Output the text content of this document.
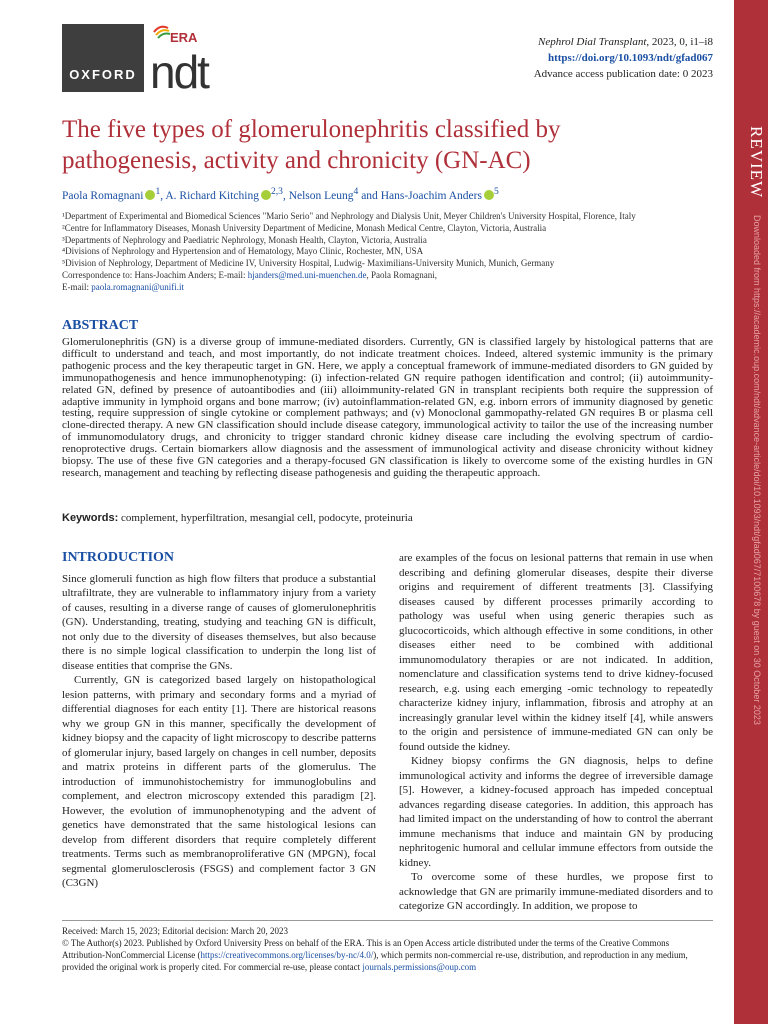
REVIEW
Downloaded from https://academic.oup.com/ndt/advance-article/doi/10.1093/ndt/gfad067/7100678 by guest on 30 October 2023
OXFORD
ERA
ndt
Nephrol Dial Transplant, 2023, 0, i1–i8
https://doi.org/10.1093/ndt/gfad067
Advance access publication date: 0 2023
The five types of glomerulonephritis classified by pathogenesis, activity and chronicity (GN-AC)
Paola Romagnani $^1$, A. Richard Kitching $^{2,3}$, Nelson Leung$^4$ and Hans-Joachim Anders $^5$
¹Department of Experimental and Biomedical Sciences "Mario Serio" and Nephrology and Dialysis Unit, Meyer Children's University Hospital, Florence, Italy
²Centre for Inflammatory Diseases, Monash University Department of Medicine, Monash Medical Centre, Clayton, Victoria, Australia
³Departments of Nephrology and Paediatric Nephrology, Monash Health, Clayton, Victoria, Australia
⁴Divisions of Nephrology and Hypertension and of Hematology, Mayo Clinic, Rochester, MN, USA
⁵Division of Nephrology, Department of Medicine IV, University Hospital, Ludwig- Maximilians-University Munich, Munich, Germany
Correspondence to: Hans-Joachim Anders; E-mail: hjanders@med.uni-muenchen.de, Paola Romagnani,
E-mail: paola.romagnani@unifi.it
ABSTRACT

Glomerulonephritis (GN) is a diverse group of immune-mediated disorders. Currently, GN is classified largely by histological patterns that are difficult to understand and teach, and most importantly, do not indicate treatment choices. Indeed, altered systemic immunity is the primary pathogenic process and the key therapeutic target in GN. Here, we apply a conceptual framework of immune-mediated disorders to GN guided by immunopathogenesis and hence immunophenotyping: (i) infection-related GN require pathogen identification and control; (ii) autoimmunity-related GN, defined by presence of autoantibodies and (iii) alloimmunity-related GN in transplant recipients both require the suppression of adaptive immunity in lymphoid organs and bone marrow; (iv) autoinflammation-related GN, e.g. inborn errors of immunity diagnosed by genetic testing, require suppression of single cytokine or complement pathways; and (v) Monoclonal gammopathy-related GN requires B or plasma cell clone-directed therapy. A new GN classification should include disease category, immunological activity to tailor the use of the increasing number of immunomodulatory drugs, and chronicity to trigger standard chronic kidney disease care including the evolving spectrum of cardio-renoprotective drugs. Certain biomarkers allow diagnosis and the assessment of immunological activity and disease chronicity without kidney biopsy. The use of these five GN categories and a therapy-focused GN classification is likely to overcome some of the existing hurdles in GN research, management and teaching by reflecting disease pathogenesis and guiding the therapeutic approach.

Keywords: complement, hyperfiltration, mesangial cell, podocyte, proteinuria
INTRODUCTION

Since glomeruli function as high flow filters that produce a substantial ultrafiltrate, they are vulnerable to inflammatory injury from a variety of causes, resulting in a diverse range of causes of glomerulonephritis (GN). Understanding, treating, studying and teaching GN is difficult, not only due to the diversity of diseases themselves, but also because there is no simple logical classification to underpin the long list of disease entities that comprise the GNs.

Currently, GN is categorized based largely on histopathological lesion patterns, with primary and secondary forms and a myriad of differential diagnoses for each entity [1]. There are historical reasons why we group GN in this manner, specifically the development of kidney biopsy and the capacity of light microscopy to describe patterns of glomerular injury, based largely on changes in cell number, deposits and matrix proteins in different parts of the glomerulus. The introduction of immunohistochemistry for immunoglobulins and complement, and electron microscopy extended this paradigm [2]. However, the evolution of immunophenotyping and the advent of genetics have demonstrated that the same histological lesions can develop from different disorders that require completely different treatments. Terms such as membranoproliferative GN (MPGN), focal segmental glomerulosclerosis (FSGS) and complement factor 3 GN (C3GN)

are examples of the focus on lesional patterns that remain in use when describing and defining glomerular diseases, despite their diverse origins and requirement of different treatments [3]. Classifying diseases caused by different processes primarily according to pathology was useful when using generic therapies such as glucocorticoids, which although effective in some conditions, in other diseases either need to be combined with additional immunomodulatory therapies or are not indicated. In addition, nomenclature and classification systems tend to drive kidney-focused research, e.g. using each emerging -omic technology to repeatedly characterize kidney injury, inflammation, fibrosis and atrophy at an increasingly granular level within the kidney itself [4], while answers to the origin and persistence of immune-mediated GN can only be found outside the kidney.

Kidney biopsy confirms the GN diagnosis, helps to define immunological activity and informs the degree of irreversible damage [5]. However, a kidney-focused approach has impeded conceptual advances regarding disease categories. In addition, this approach has had limited impact on the understanding of how to control the aberrant immune mechanisms that induce and maintain GN by producing nephritogenic humoral and cellular immune effectors from outside the kidney.

To overcome some of these hurdles, we propose first to acknowledge that GN are primarily immune-mediated disorders and to categorize GN accordingly. In addition, we propose to

Received: March 15, 2023; Editorial decision: March 20, 2023
© The Author(s) 2023. Published by Oxford University Press on behalf of the ERA. This is an Open Access article distributed under the terms of the Creative Commons Attribution-NonCommercial License (https://creativecommons.org/licenses/by-nc/4.0/), which permits non-commercial re-use, distribution, and reproduction in any medium, provided the original work is properly cited. For commercial re-use, please contact journals.permissions@oup.com
